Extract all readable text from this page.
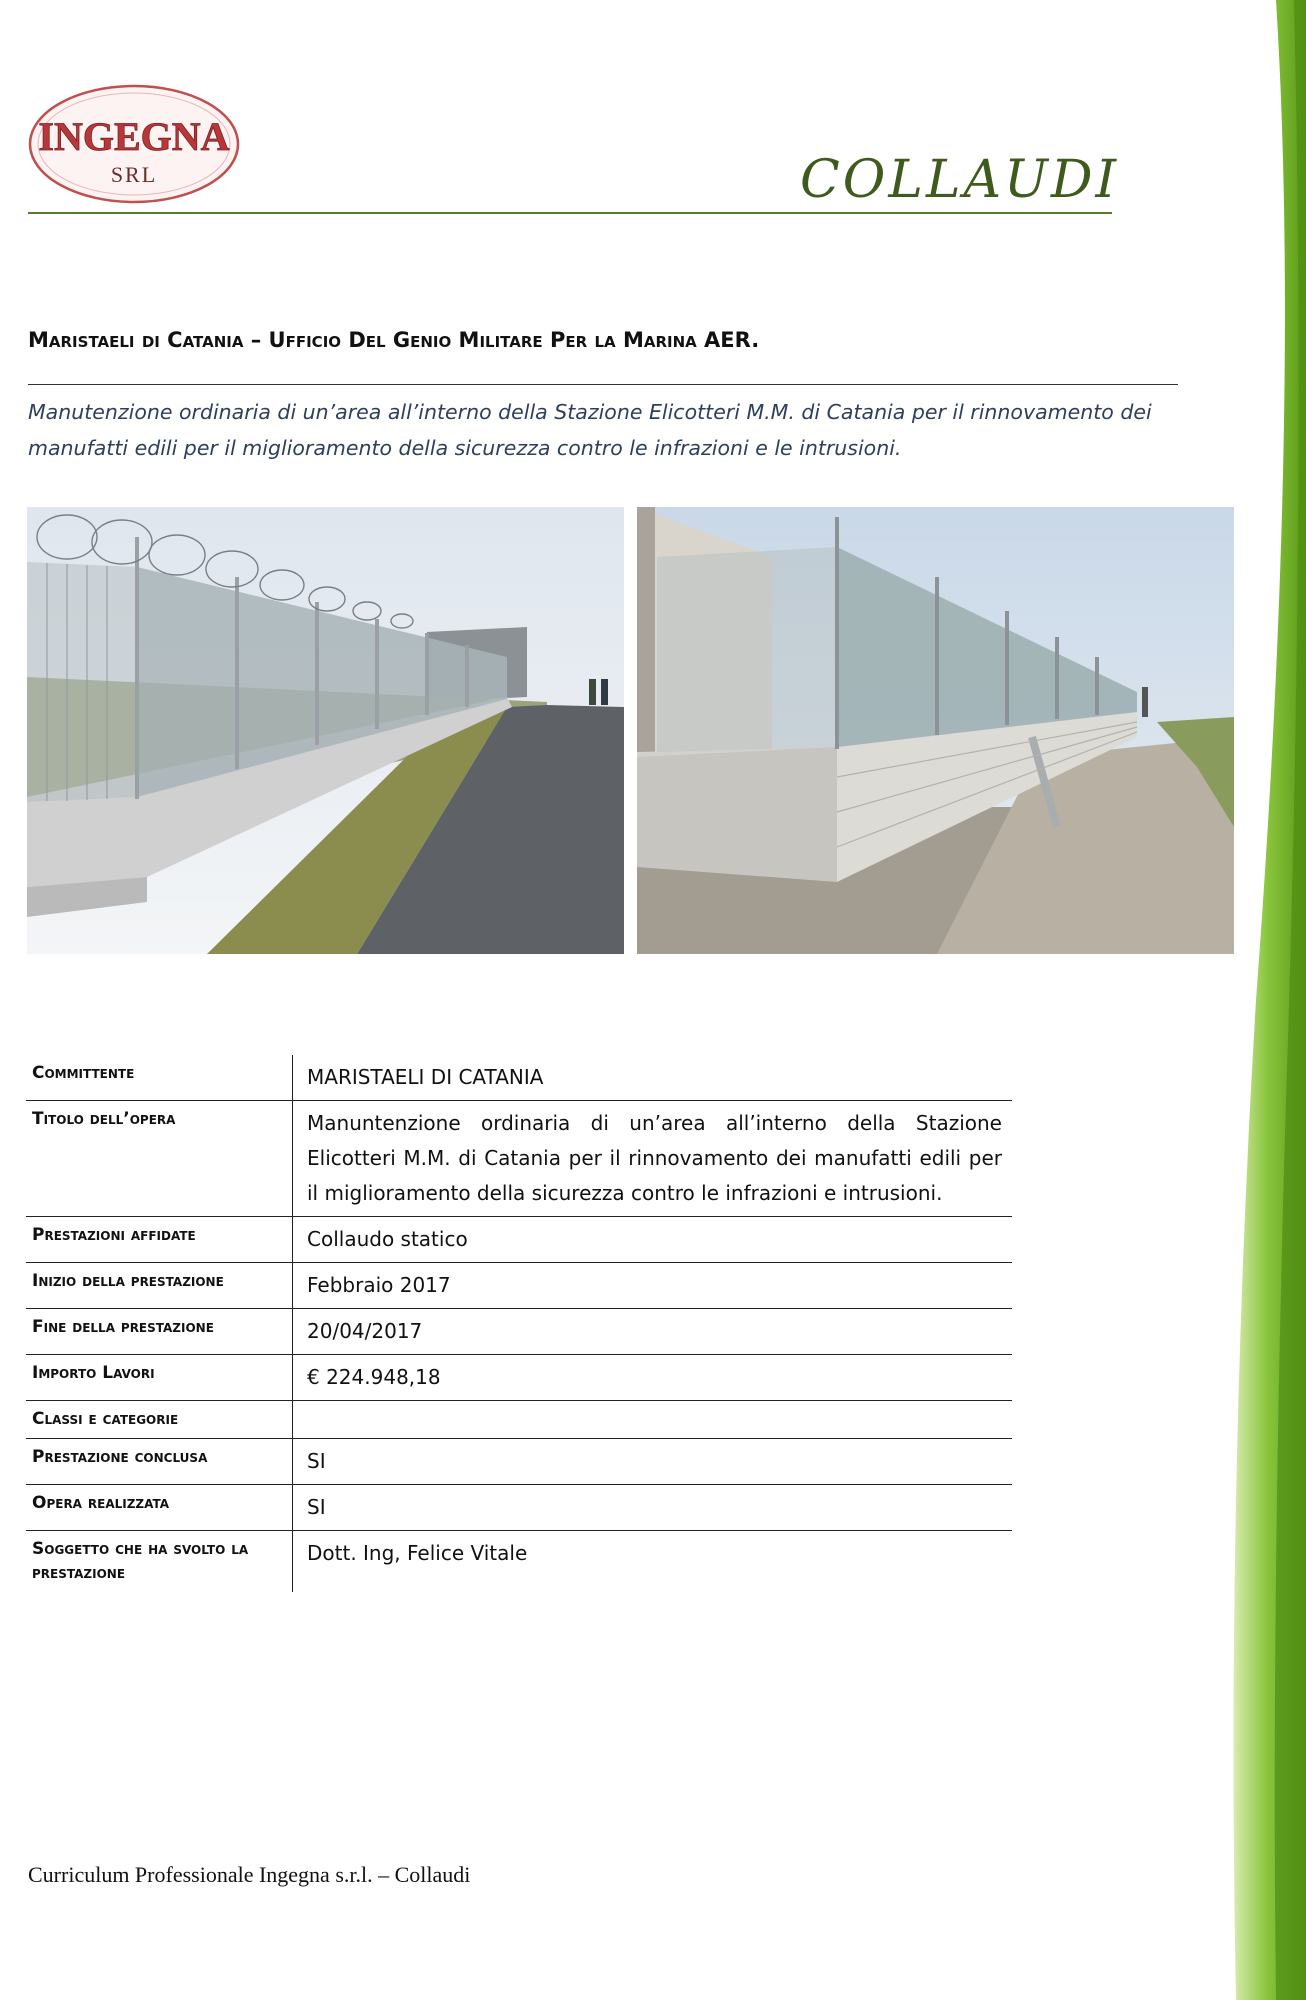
INGEGNA
SRL	COLLAUDI
Maristaeli di Catania – Ufficio Del Genio Militare Per la Marina AER.
Manutenzione ordinaria di un’area all’interno della Stazione Elicotteri M.M. di Catania per il rinnovamento dei manufatti edili per il miglioramento della sicurezza contro le infrazioni e le intrusioni.
Committente	MARISTAELI DI CATANIA
Titolo dell’opera	Manuntenzione ordinaria di un’area all’interno della Stazione Elicotteri M.M. di Catania per il rinnovamento dei manufatti edili per il miglioramento della sicurezza contro le infrazioni e intrusioni.
Prestazioni affidate	Collaudo statico
Inizio della prestazione	Febbraio 2017
Fine della prestazione	20/04/2017
Importo Lavori	€ 224.948,18
Classi e categorie	
Prestazione conclusa	SI
Opera realizzata	SI
Soggetto che ha svolto la prestazione	Dott. Ing, Felice Vitale
Curriculum Professionale Ingegna s.r.l. – Collaudi
